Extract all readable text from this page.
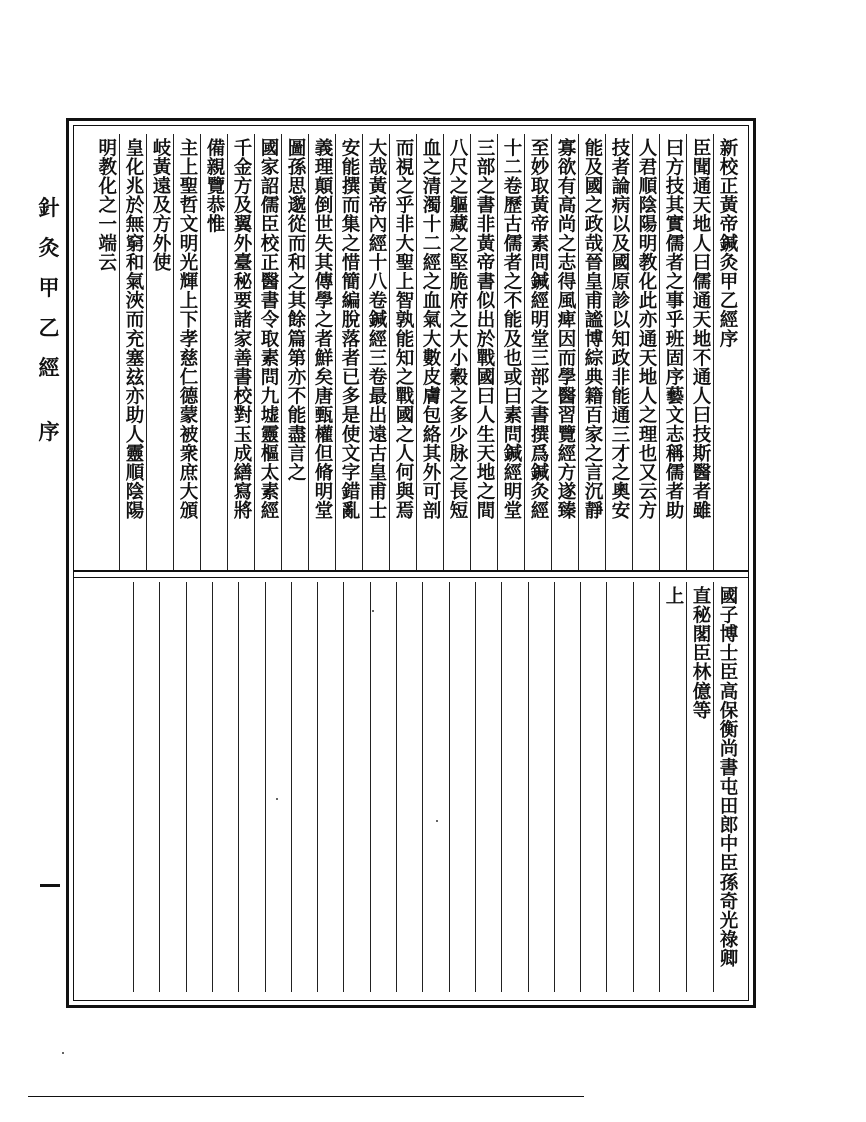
針
灸
甲
乙
經
序
新校正黃帝鍼灸甲乙經序
臣聞通天地人曰儒通天地不通人曰技斯醫者雖
曰方技其實儒者之事乎班固序藝文志稱儒者助
人君順陰陽明教化此亦通天地人之理也又云方
技者論病以及國原診以知政非能通三才之奧安
能及國之政哉晉皇甫謐博綜典籍百家之言沉靜
寡欲有高尚之志得風痺因而學醫習覽經方遂臻
至妙取黃帝素問鍼經明堂三部之書撰爲鍼灸經
十二卷歷古儒者之不能及也或曰素問鍼經明堂
三部之書非黃帝書似出於戰國曰人生天地之間
八尺之軀藏之堅脆府之大小穀之多少脉之長短
血之清濁十二經之血氣大數皮膚包絡其外可剖
而視之乎非大聖上智孰能知之戰國之人何與焉
大哉黃帝內經十八卷鍼經三卷最出遠古皇甫士
安能撰而集之惜簡編脫落者已多是使文字錯亂
義理顛倒世失其傳學之者鮮矣唐甄權但脩明堂
圖孫思邈從而和之其餘篇第亦不能盡言之
國家詔儒臣校正醫書令取素問九墟靈樞太素經
千金方及翼外臺秘要諸家善書校對玉成繕寫將
備親覽恭惟
主上聖哲文明光輝上下孝慈仁德蒙被衆庶大頒
岐黃遠及方外使
皇化兆於無窮和氣浹而充塞玆亦助人靈順陰陽
明教化之一端云
國子博士臣高保衡尚書屯田郎中臣孫奇光祿卿
直秘閣臣林億等
上
